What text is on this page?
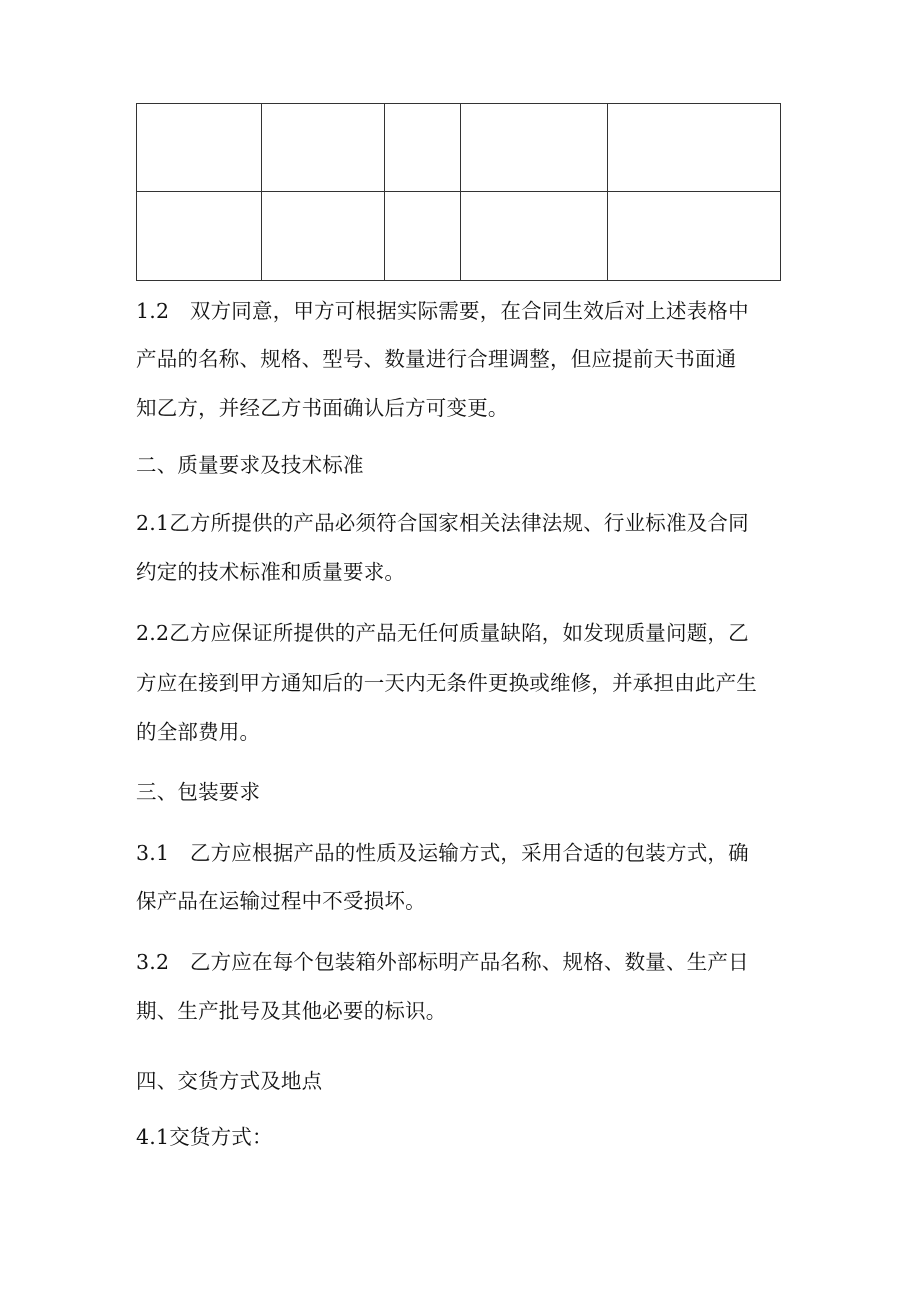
1.2　双方同意，甲方可根据实际需要，在合同生效后对上述表格中
产品的名称、规格、型号、数量进行合理调整，但应提前天书面通
知乙方，并经乙方书面确认后方可变更。
二、质量要求及技术标准
2.1乙方所提供的产品必须符合国家相关法律法规、行业标准及合同
约定的技术标准和质量要求。
2.2乙方应保证所提供的产品无任何质量缺陷，如发现质量问题，乙
方应在接到甲方通知后的一天内无条件更换或维修，并承担由此产生
的全部费用。
三、包装要求
3.1　乙方应根据产品的性质及运输方式，采用合适的包装方式，确
保产品在运输过程中不受损坏。
3.2　乙方应在每个包装箱外部标明产品名称、规格、数量、生产日
期、生产批号及其他必要的标识。
四、交货方式及地点
4.1交货方式：
